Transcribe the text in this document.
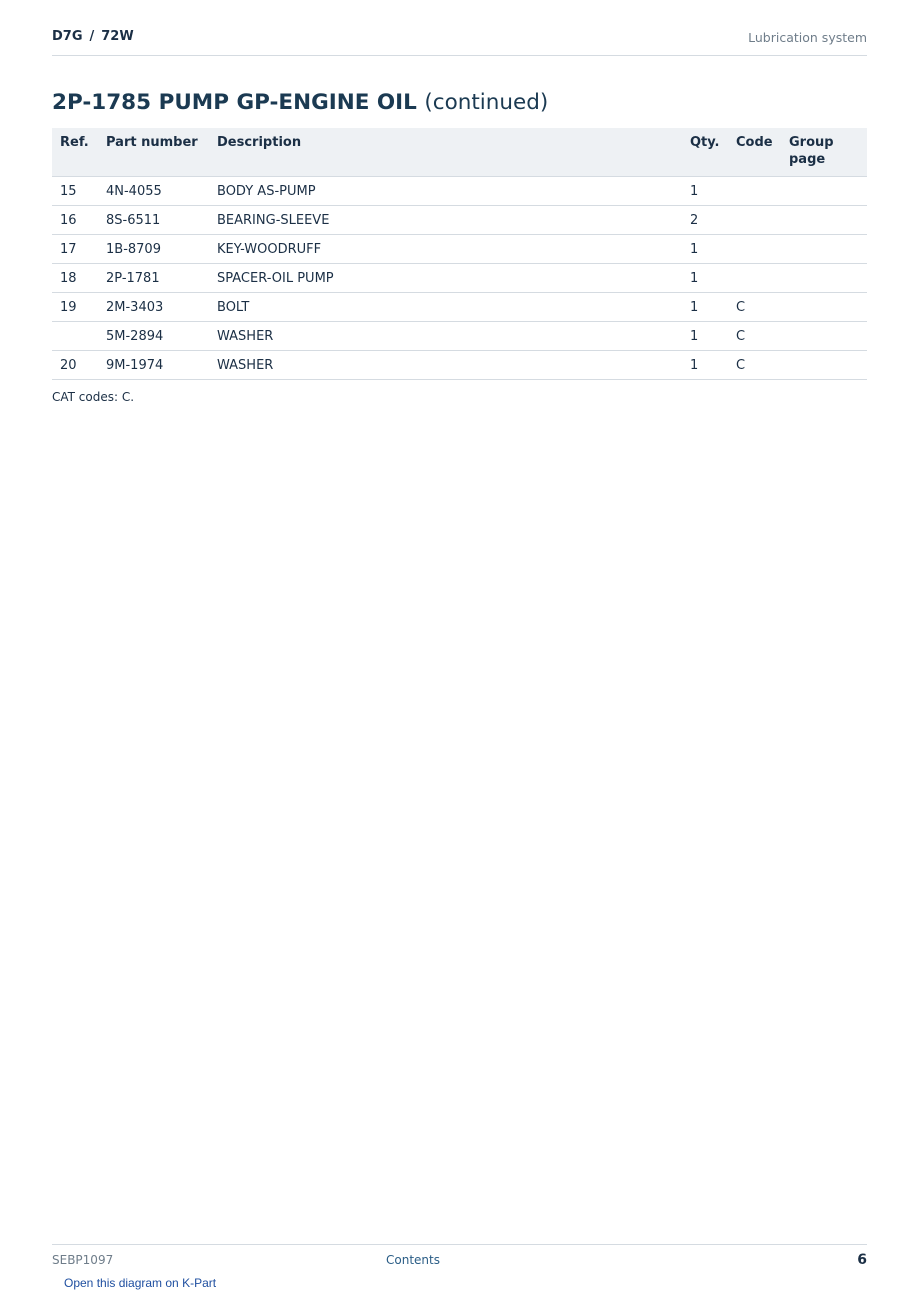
D7G / 72W	Lubrication system
2P-1785 PUMP GP-ENGINE OIL (continued)
Ref.	Part number	Description	Qty.	Code	Group page
15	4N-4055	BODY AS-PUMP	1		
16	8S-6511	BEARING-SLEEVE	2		
17	1B-8709	KEY-WOODRUFF	1		
18	2P-1781	SPACER-OIL PUMP	1		
19	2M-3403	BOLT	1	C	
	5M-2894	WASHER	1	C	
20	9M-1974	WASHER	1	C	
CAT codes: C.
SEBP1097	Contents	6
Open this diagram on K-Part
